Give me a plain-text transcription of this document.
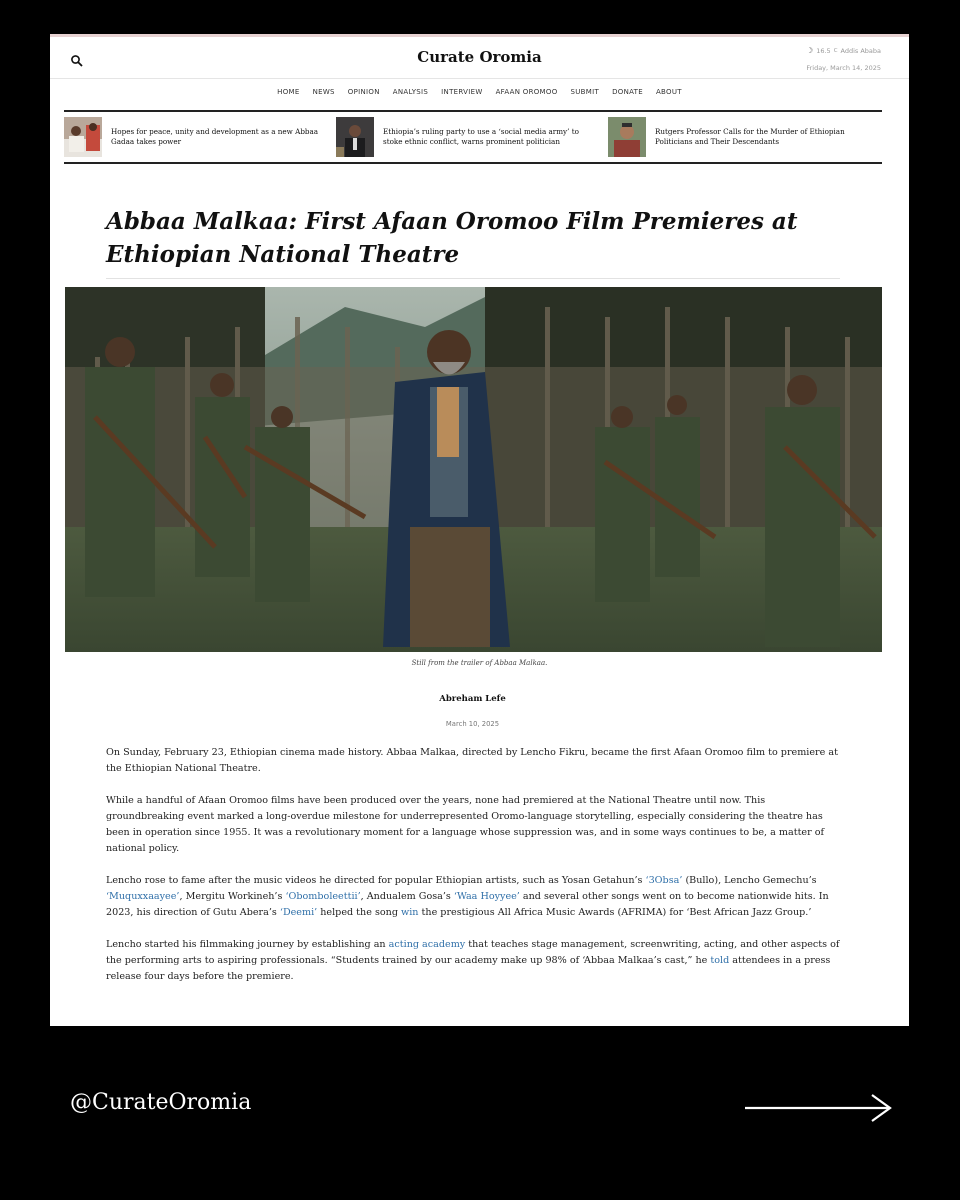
Curate Oromia	☽ 16.5 C Addis Ababa
Friday, March 14, 2025
HOME NEWS OPINION ANALYSIS INTERVIEW AFAAN OROMOO SUBMIT DONATE ABOUT
Hopes for peace, unity and development as a new Abbaa Gadaa takes power
Ethiopia’s ruling party to use a ‘social media army’ to stoke ethnic conflict, warns prominent politician
Rutgers Professor Calls for the Murder of Ethiopian Politicians and Their Descendants
Abbaa Malkaa: First Afaan Oromoo Film Premieres at Ethiopian National Theatre
Still from the trailer of Abbaa Malkaa.
Abreham Lefe
March 10, 2025

On Sunday, February 23, Ethiopian cinema made history. Abbaa Malkaa, directed by Lencho Fikru, became the first Afaan Oromoo film to premiere at the Ethiopian National Theatre.

While a handful of Afaan Oromoo films have been produced over the years, none had premiered at the National Theatre until now. This groundbreaking event marked a long-overdue milestone for underrepresented Oromo-language storytelling, especially considering the theatre has been in operation since 1955. It was a revolutionary moment for a language whose suppression was, and in some ways continues to be, a matter of national policy.

Lencho rose to fame after the music videos he directed for popular Ethiopian artists, such as Yosan Getahun’s ‘3Obsa’ (Bullo), Lencho Gemechu’s ‘Muquxxaayee’, Mergitu Workineh’s ‘Obomboleettii’, Andualem Gosa’s ‘Waa Hoyyee’ and several other songs went on to become nationwide hits. In 2023, his direction of Gutu Abera’s ‘Deemi’ helped the song win the prestigious All Africa Music Awards (AFRIMA) for ‘Best African Jazz Group.’

Lencho started his filmmaking journey by establishing an acting academy that teaches stage management, screenwriting, acting, and other aspects of the performing arts to aspiring professionals. “Students trained by our academy make up 98% of ‘Abbaa Malkaa’s cast,” he told attendees in a press release four days before the premiere.

@CurateOromia
